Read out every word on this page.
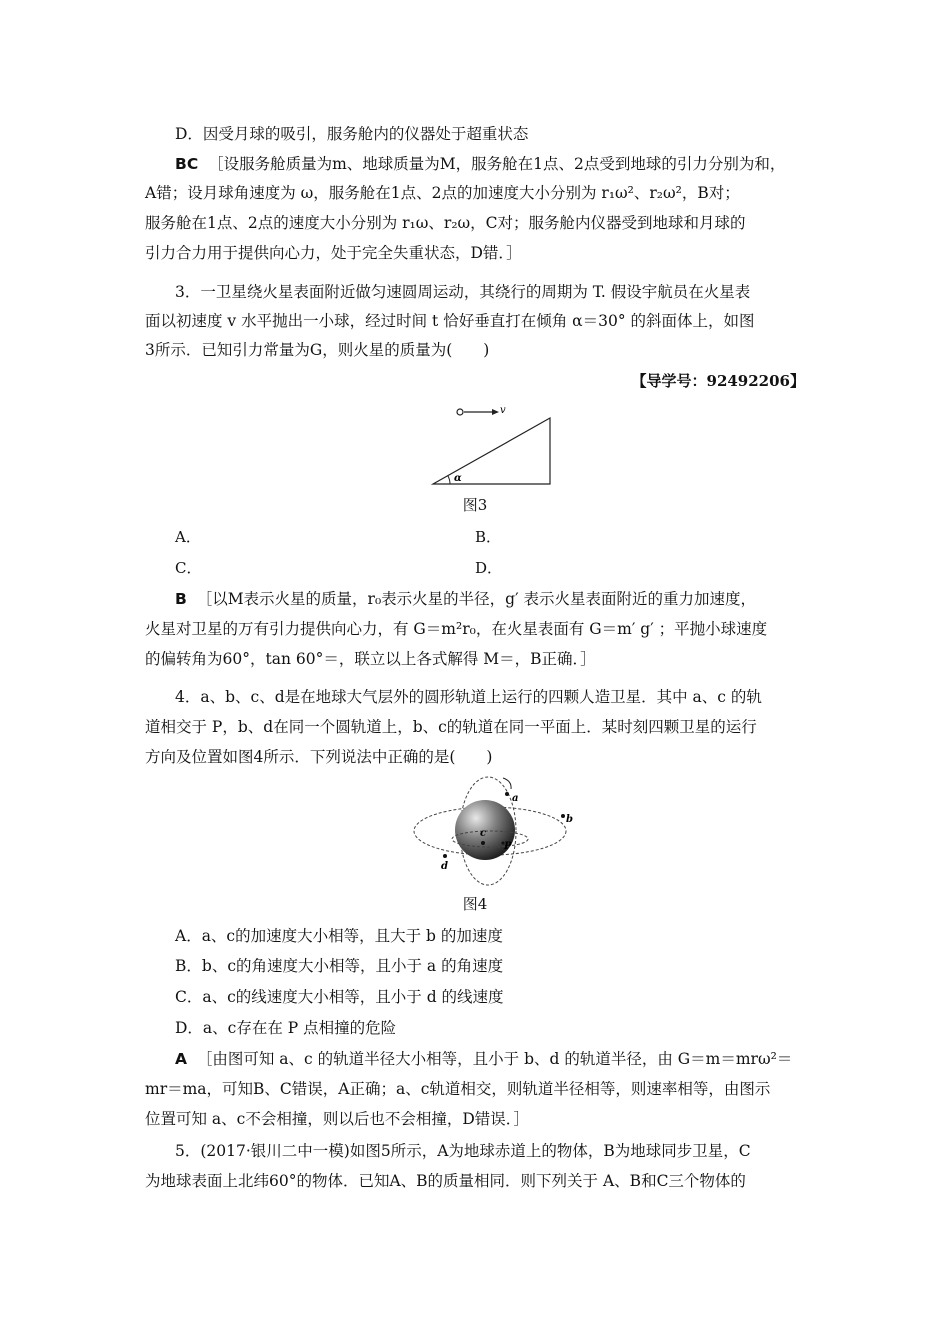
D．因受月球的吸引，服务舱内的仪器处于超重状态
BC ［设服务舱质量为m、地球质量为M，服务舱在1点、2点受到地球的引力分别为和，
A错；设月球角速度为 ω，服务舱在1点、2点的加速度大小分别为 r₁ω²、r₂ω²，B对；
服务舱在1点、2点的速度大小分别为 r₁ω、r₂ω，C对；服务舱内仪器受到地球和月球的
引力合力用于提供向心力，处于完全失重状态，D错．］
3．一卫星绕火星表面附近做匀速圆周运动，其绕行的周期为 T. 假设宇航员在火星表
面以初速度 v 水平抛出一小球，经过时间 t 恰好垂直打在倾角 α＝30° 的斜面体上，如图
3所示．已知引力常量为G，则火星的质量为(　　)
【导学号：92492206】
v
α
图3
A．	B．
C．	D．
B ［以M表示火星的质量，r₀表示火星的半径，g′ 表示火星表面附近的重力加速度，
火星对卫星的万有引力提供向心力，有 G＝m²r₀，在火星表面有 G＝m′ g′ ；平抛小球速度
的偏转角为60°，tan 60°＝，联立以上各式解得 M＝，B正确．］
4．a、b、c、d是在地球大气层外的圆形轨道上运行的四颗人造卫星．其中 a、c 的轨
道相交于 P，b、d在同一个圆轨道上，b、c的轨道在同一平面上．某时刻四颗卫星的运行
方向及位置如图4所示．下列说法中正确的是(　　)
a
b
c
d
P
图4
A．a、c的加速度大小相等，且大于 b 的加速度
B．b、c的角速度大小相等，且小于 a 的角速度
C．a、c的线速度大小相等，且小于 d 的线速度
D．a、c存在在 P 点相撞的危险
A ［由图可知 a、c 的轨道半径大小相等，且小于 b、d 的轨道半径，由 G＝m＝mrω²＝
mr＝ma，可知B、C错误，A正确；a、c轨道相交，则轨道半径相等，则速率相等，由图示
位置可知 a、c不会相撞，则以后也不会相撞，D错误．］
5．(2017·银川二中一模)如图5所示，A为地球赤道上的物体，B为地球同步卫星，C
为地球表面上北纬60°的物体．已知A、B的质量相同．则下列关于 A、B和C三个物体的
